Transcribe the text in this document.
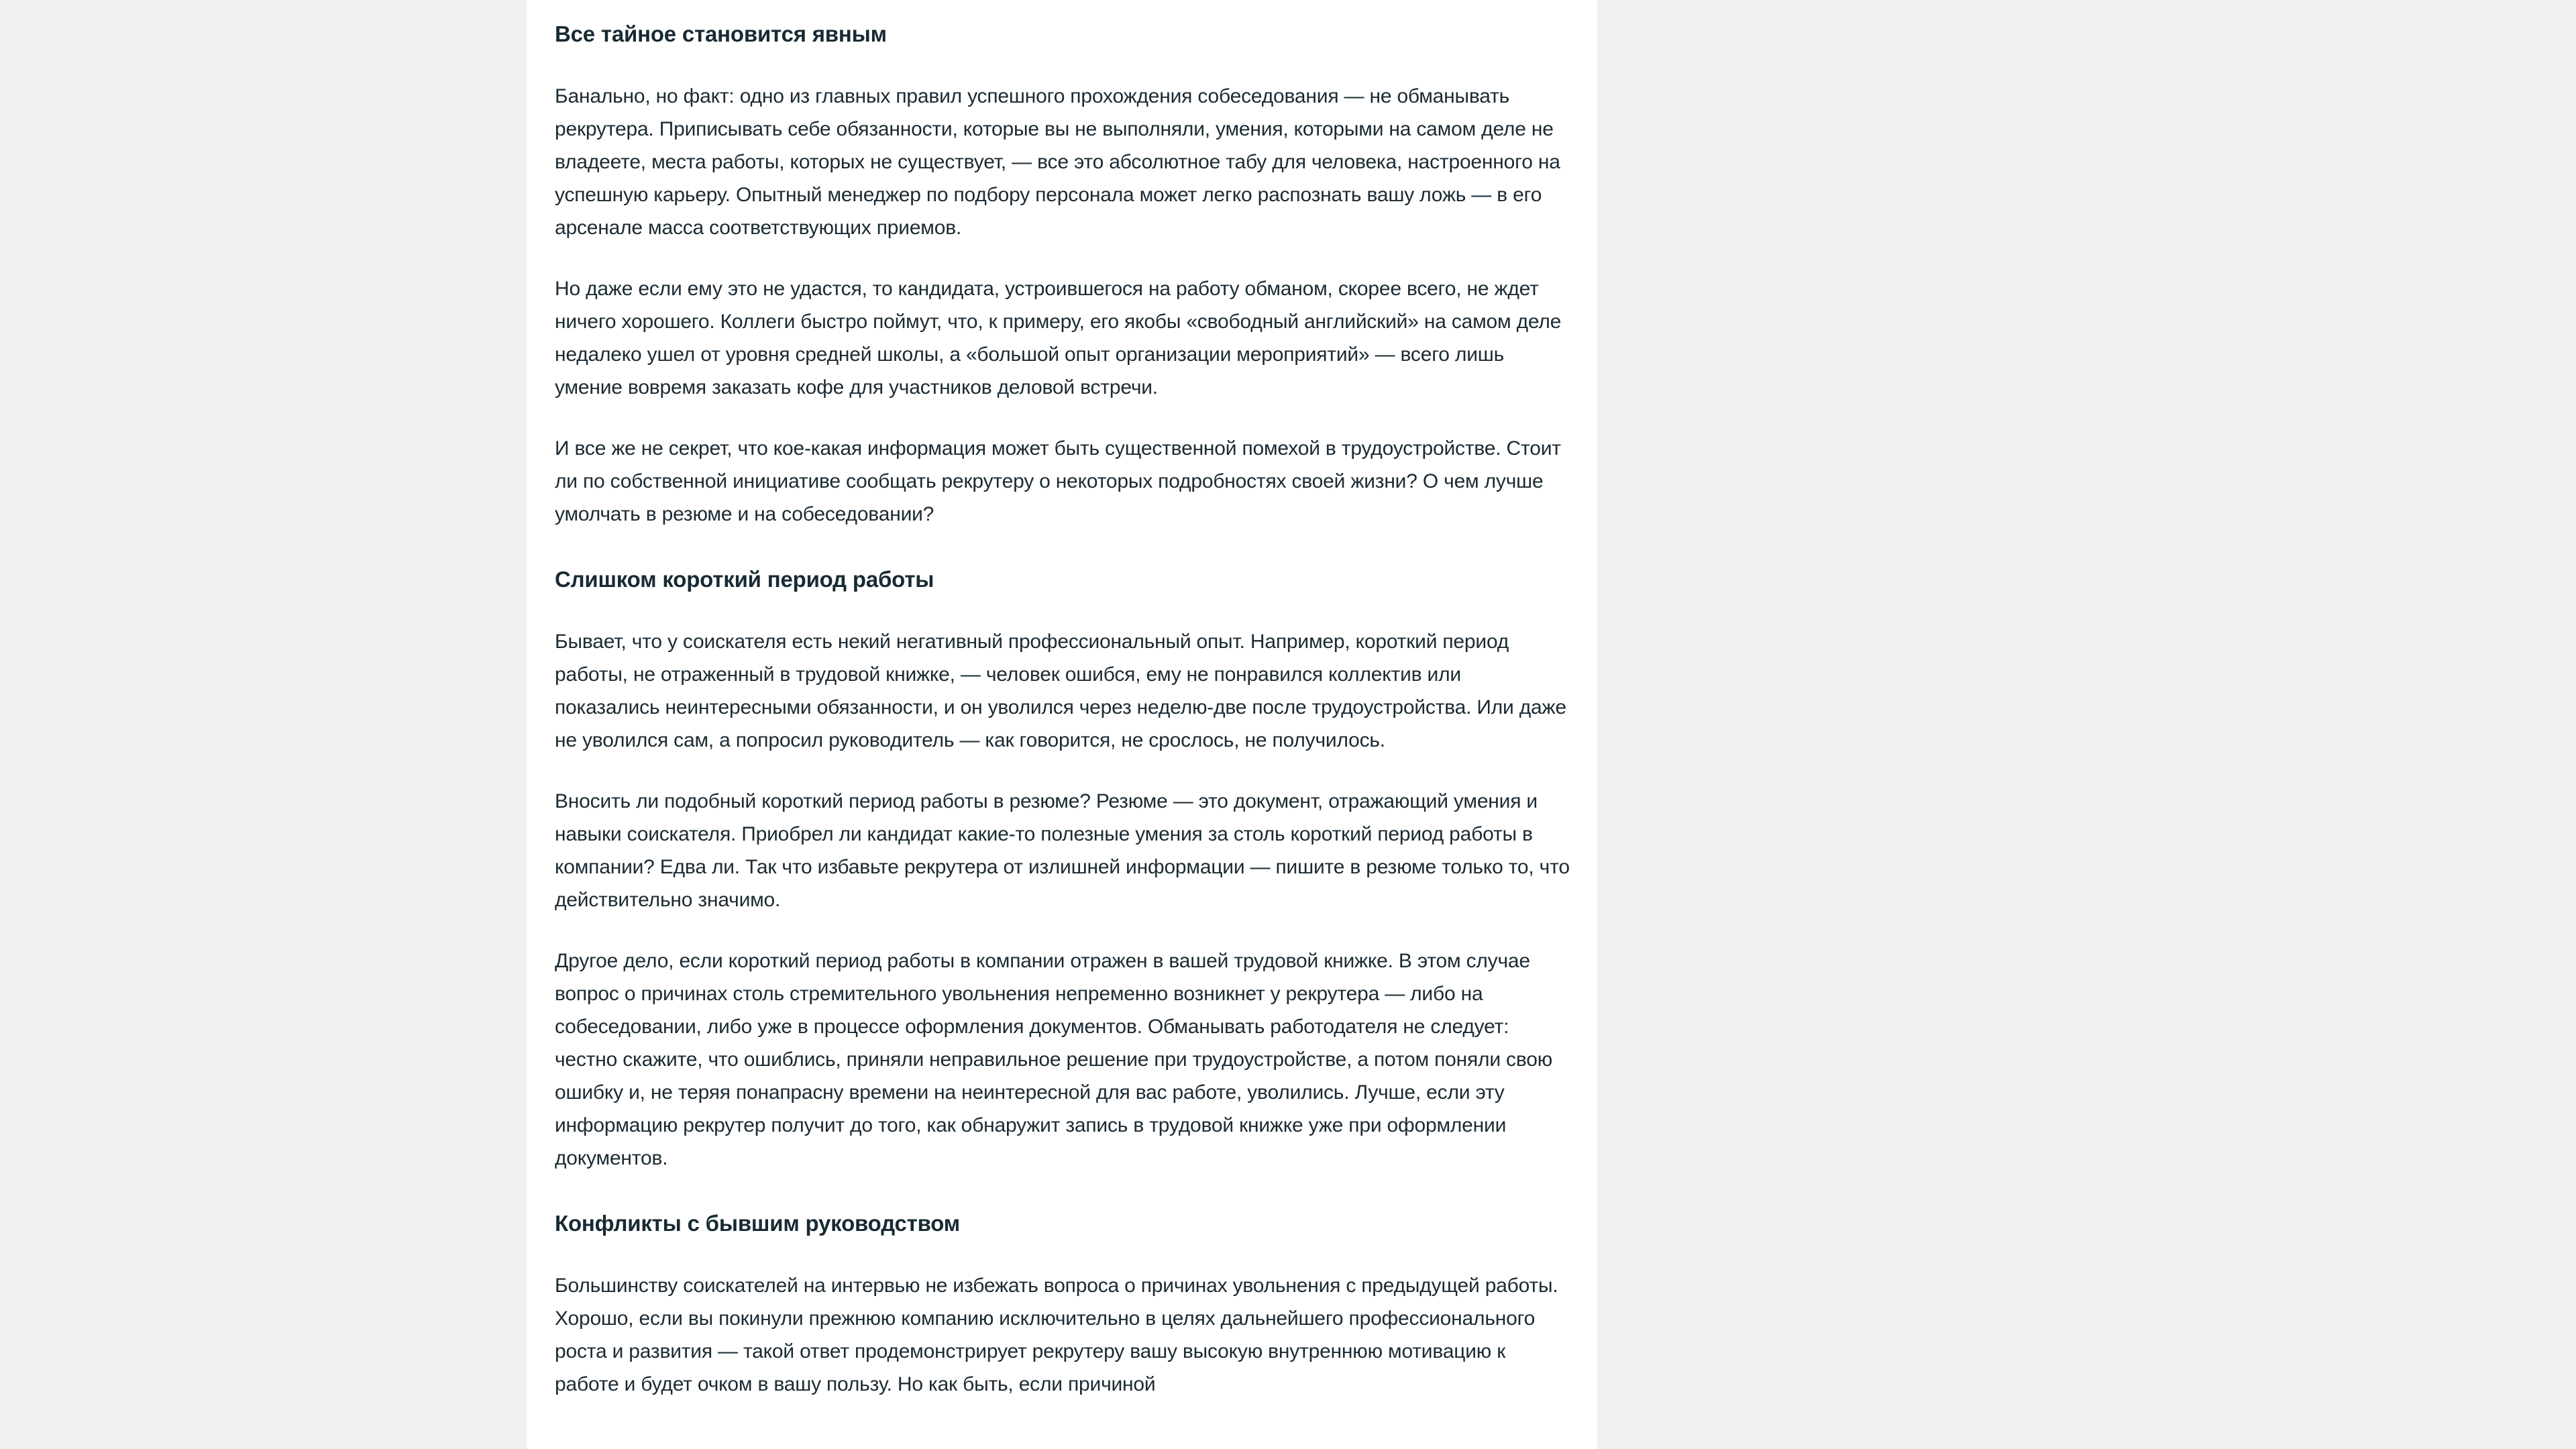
Все тайное становится явным

Банально, но факт: одно из главных правил успешного прохождения собеседования — не обманывать рекрутера. Приписывать себе обязанности, которые вы не выполняли, умения, которыми на самом деле не владеете, места работы, которых не существует, — все это абсолютное табу для человека, настроенного на успешную карьеру. Опытный менеджер по подбору персонала может легко распознать вашу ложь — в его арсенале масса соответствующих приемов.

Но даже если ему это не удастся, то кандидата, устроившегося на работу обманом, скорее всего, не ждет ничего хорошего. Коллеги быстро поймут, что, к примеру, его якобы «свободный английский» на самом деле недалеко ушел от уровня средней школы, а «большой опыт организации мероприятий» — всего лишь умение вовремя заказать кофе для участников деловой встречи.

И все же не секрет, что кое-какая информация может быть существенной помехой в трудоустройстве. Стоит ли по собственной инициативе сообщать рекрутеру о некоторых подробностях своей жизни? О чем лучше умолчать в резюме и на собеседовании?

Слишком короткий период работы

Бывает, что у соискателя есть некий негативный профессиональный опыт. Например, короткий период работы, не отраженный в трудовой книжке, — человек ошибся, ему не понравился коллектив или показались неинтересными обязанности, и он уволился через неделю-две после трудоустройства. Или даже не уволился сам, а попросил руководитель — как говорится, не срослось, не получилось.

Вносить ли подобный короткий период работы в резюме? Резюме — это документ, отражающий умения и навыки соискателя. Приобрел ли кандидат какие-то полезные умения за столь короткий период работы в компании? Едва ли. Так что избавьте рекрутера от излишней информации — пишите в резюме только то, что действительно значимо.

Другое дело, если короткий период работы в компании отражен в вашей трудовой книжке. В этом случае вопрос о причинах столь стремительного увольнения непременно возникнет у рекрутера — либо на собеседовании, либо уже в процессе оформления документов. Обманывать работодателя не следует: честно скажите, что ошиблись, приняли неправильное решение при трудоустройстве, а потом поняли свою ошибку и, не теряя понапрасну времени на неинтересной для вас работе, уволились. Лучше, если эту информацию рекрутер получит до того, как обнаружит запись в трудовой книжке уже при оформлении документов.

Конфликты с бывшим руководством

Большинству соискателей на интервью не избежать вопроса о причинах увольнения с предыдущей работы. Хорошо, если вы покинули прежнюю компанию исключительно в целях дальнейшего профессионального роста и развития — такой ответ продемонстрирует рекрутеру вашу высокую внутреннюю мотивацию к работе и будет очком в вашу пользу. Но как быть, если причиной
